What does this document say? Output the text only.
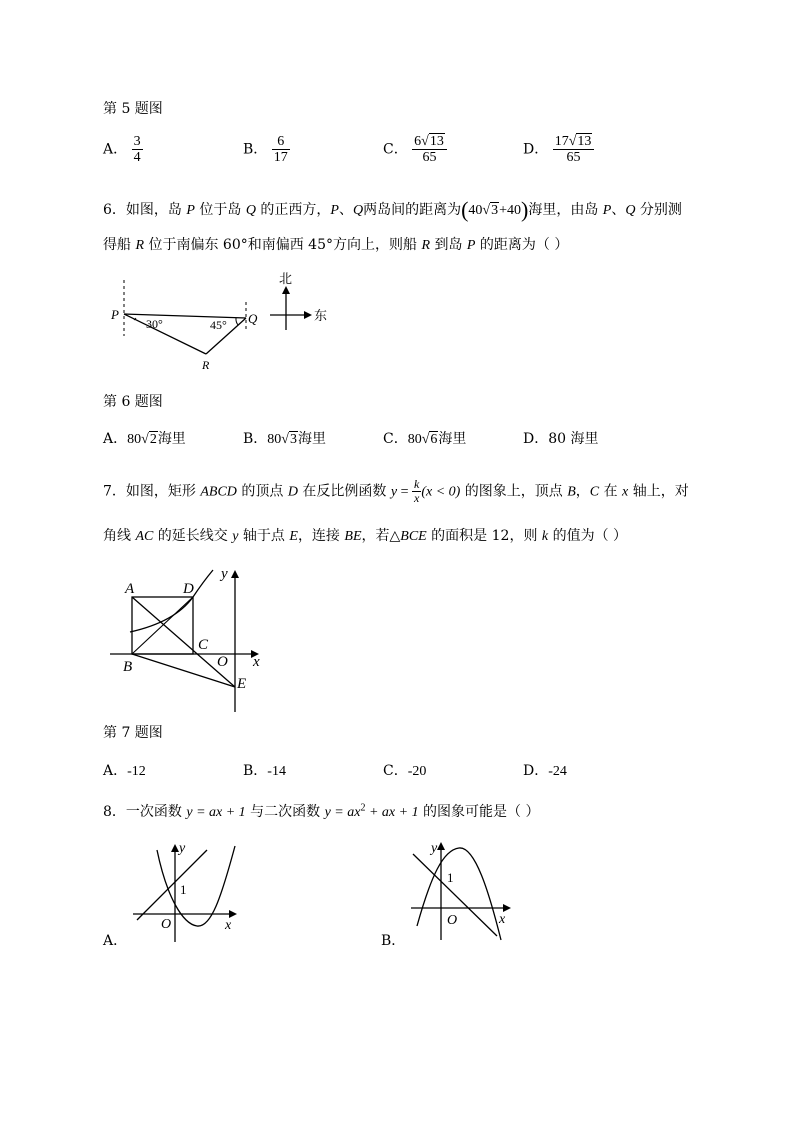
第 5 题图
A． $\frac{3}{4}$	B． $\frac{6}{17}$	C． $\frac{6√13}{65}$	D． $\frac{17√13}{65}$
6．如图，岛 P 位于岛 Q 的正西方，P、Q两岛间的距离为(40√3+40)海里，由岛 P、Q 分别测
得船 R 位于南偏东 60°和南偏西 45°方向上，则船 R 到岛 P 的距离为（ ）
P	Q
R
30°	45°
北
东
第 6 题图
A．80√2海里	B．80√3海里	C．80√6海里	D．80 海里
7．如图，矩形 ABCD 的顶点 D 在反比例函数 $y = \frac{k}{x} (x < 0)$ 的图象上，顶点 B，C 在 x 轴上，对
角线 AC 的延长线交 y 轴于点 E，连接 BE，若△BCE 的面积是 12，则 k 的值为（ ）
A	D
B
C
O
E
x
y
第 7 题图
A．-12	B．-14	C．-20	D．-24
8．一次函数 y = ax + 1 与二次函数 $y = ax^2$ + ax + 1 的图象可能是（ ）
A．
y
x
O
1
B．
y
x
O
1
